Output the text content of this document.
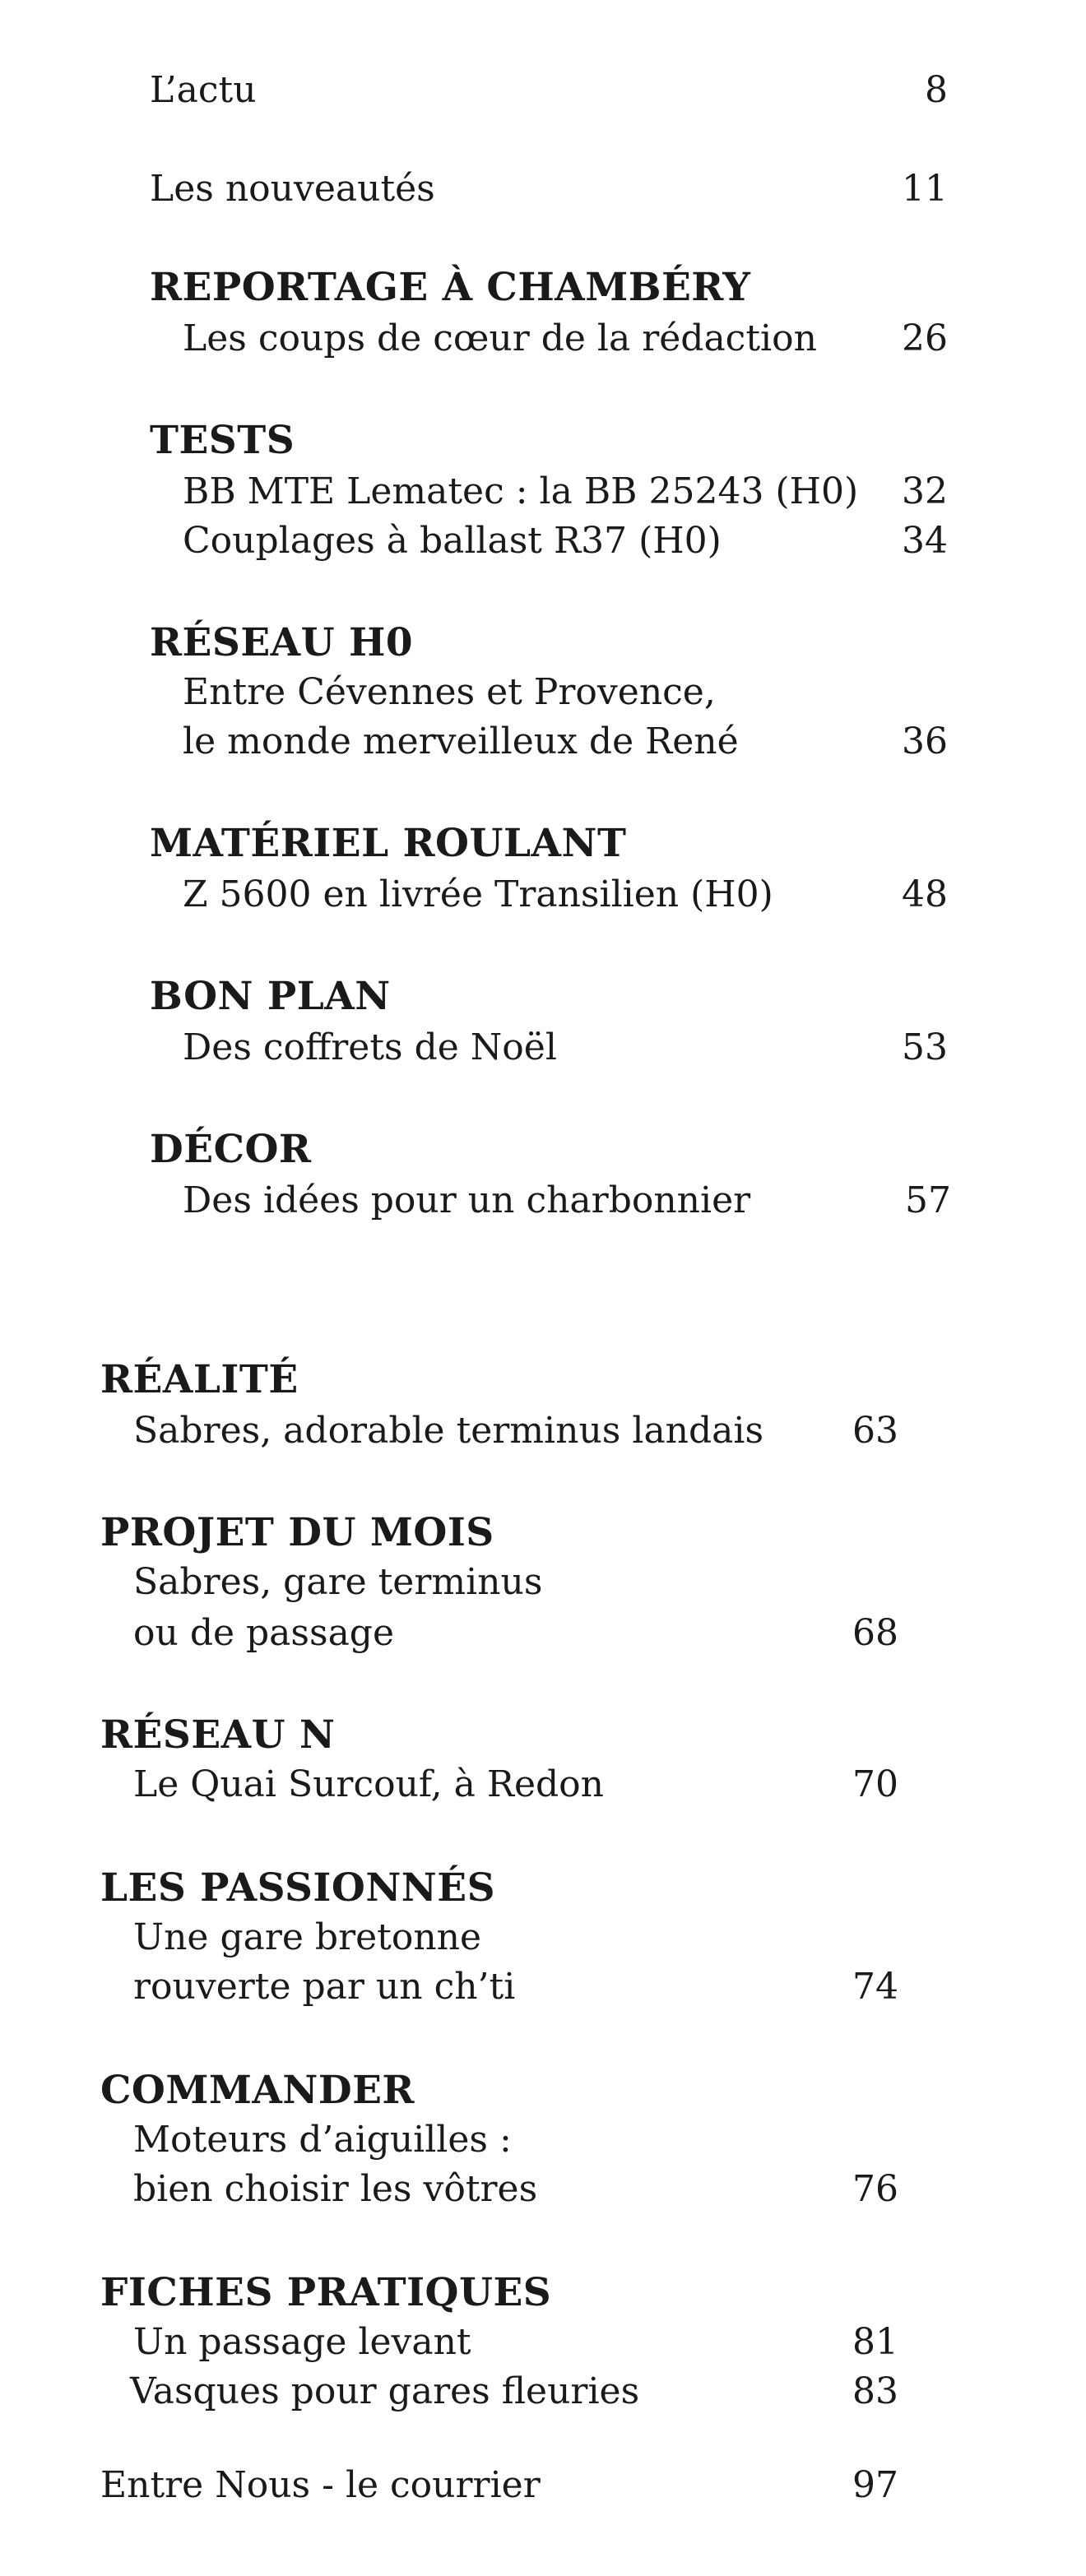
L’actu	8
Les nouveautés	11
REPORTAGE À CHAMBÉRY
Les coups de cœur de la rédaction 26
TESTS
BB MTE Lematec : la BB 25243 (H0) 32
Couplages à ballast R37 (H0)	34
RÉSEAU H0
Entre Cévennes et Provence,
le monde merveilleux de René	36
MATÉRIEL ROULANT
Z 5600 en livrée Transilien (H0)	48
BON PLAN
Des coffrets de Noël	53
DÉCOR
Des idées pour un charbonnier	57
RÉALITÉ
Sabres, adorable terminus landais 63
PROJET DU MOIS
Sabres, gare terminus
ou de passage	68
RÉSEAU N
Le Quai Surcouf, à Redon	70
LES PASSIONNÉS
Une gare bretonne
rouverte par un ch’ti	74
COMMANDER
Moteurs d’aiguilles :
bien choisir les vôtres	76
FICHES PRATIQUES
Un passage levant	81
Vasques pour gares fleuries	83
Entre Nous - le courrier	97
